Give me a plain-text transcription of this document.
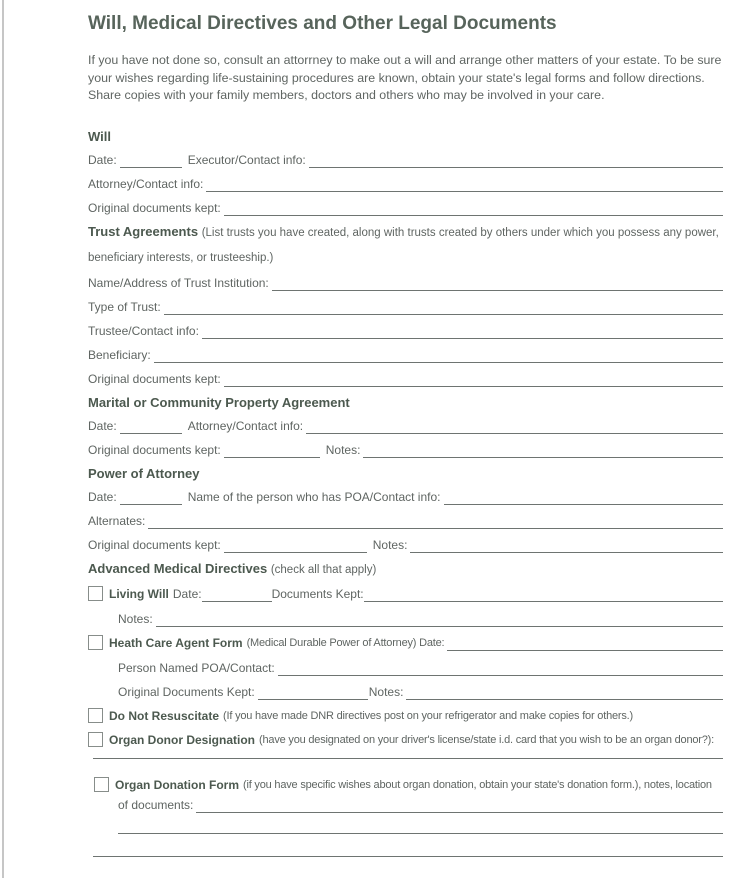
Will, Medical Directives and Other Legal Documents

If you have not done so, consult an attorrney to make out a will and arrange other matters of your estate. To be sure your wishes regarding life-sustaining procedures are known, obtain your state's legal forms and follow directions. Share copies with your family members, doctors and others who may be involved in your care.

Will
Date:	Executor/Contact info:
Attorney/Contact info:
Original documents kept:
Trust Agreements (List trusts you have created, along with trusts created by others under which you possess any power,
beneficiary interests, or trusteeship.)
Name/Address of Trust Institution:
Type of Trust:
Trustee/Contact info:
Beneficiary:
Original documents kept:
Marital or Community Property Agreement
Date:	Attorney/Contact info:
Original documents kept:	Notes:
Power of Attorney
Date:	Name of the person who has POA/Contact info:
Alternates:
Original documents kept:	Notes:
Advanced Medical Directives (check all that apply)
Living Will Date:	Documents Kept:
Notes:
Heath Care Agent Form (Medical Durable Power of Attorney) Date:
Person Named POA/Contact:
Original Documents Kept:	Notes:
Do Not Resuscitate (If you have made DNR directives post on your refrigerator and make copies for others.)
Organ Donor Designation (have you designated on your driver's license/state i.d. card that you wish to be an organ donor?):
Organ Donation Form (if you have specific wishes about organ donation, obtain your state's donation form.), notes, location
of documents:
